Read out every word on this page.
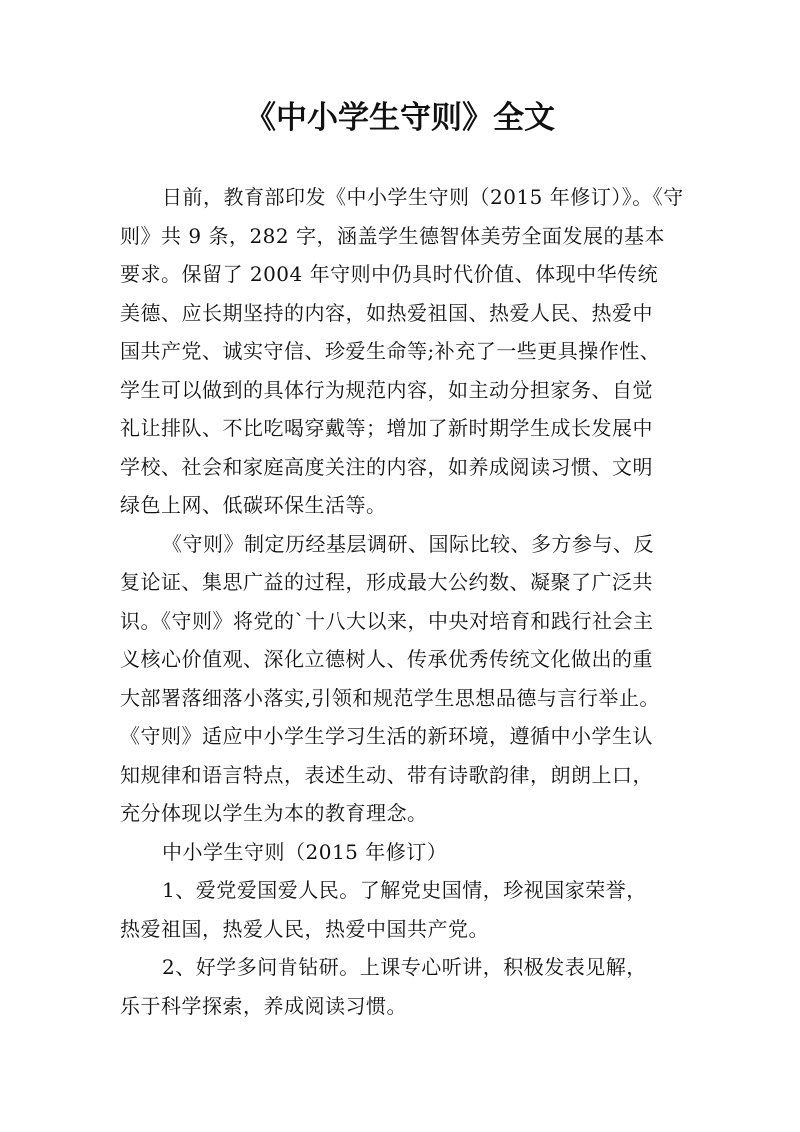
《中小学生守则》全文
日前，教育部印发《中小学生守则（2015 年修订）》。《守
则》共 9 条，282 字，涵盖学生德智体美劳全面发展的基本
要求。保留了 2004 年守则中仍具时代价值、体现中华传统
美德、应长期坚持的内容，如热爱祖国、热爱人民、热爱中
国共产党、诚实守信、珍爱生命等;补充了一些更具操作性、
学生可以做到的具体行为规范内容，如主动分担家务、自觉
礼让排队、不比吃喝穿戴等；增加了新时期学生成长发展中
学校、社会和家庭高度关注的内容，如养成阅读习惯、文明
绿色上网、低碳环保生活等。
《守则》制定历经基层调研、国际比较、多方参与、反
复论证、集思广益的过程，形成最大公约数、凝聚了广泛共
识。《守则》将党的`十八大以来，中央对培育和践行社会主
义核心价值观、深化立德树人、传承优秀传统文化做出的重
大部署落细落小落实,引领和规范学生思想品德与言行举止。
《守则》适应中小学生学习生活的新环境，遵循中小学生认
知规律和语言特点，表述生动、带有诗歌韵律，朗朗上口，
充分体现以学生为本的教育理念。
中小学生守则（2015 年修订）
1、爱党爱国爱人民。了解党史国情，珍视国家荣誉，
热爱祖国，热爱人民，热爱中国共产党。
2、好学多问肯钻研。上课专心听讲，积极发表见解，
乐于科学探索，养成阅读习惯。
